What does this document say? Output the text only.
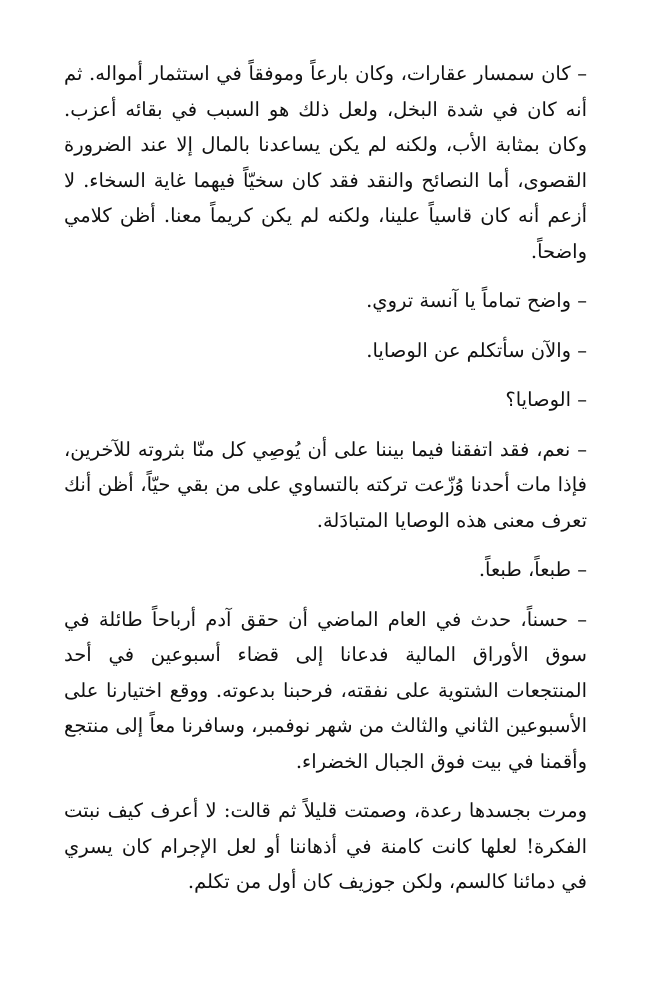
– كان سمسار عقارات، وكان بارعاً وموفقاً في استثمار أمواله. ثم أنه كان في شدة البخل، ولعل ذلك هو السبب في بقائه أعزب. وكان بمثابة الأب، ولكنه لم يكن يساعدنا بالمال إلا عند الضرورة القصوى، أما النصائح والنقد فقد كان سخيّاً فيهما غاية السخاء. لا أزعم أنه كان قاسياً علينا، ولكنه لم يكن كريماً معنا. أظن كلامي واضحاً.

– واضح تماماً يا آنسة تروي.

– والآن سأتكلم عن الوصايا.

– الوصايا؟

– نعم، فقد اتفقنا فيما بيننا على أن يُوصِي كل منّا بثروته للآخرين، فإذا مات أحدنا وُزّعت تركته بالتساوي على من بقي حيّاً، أظن أنك تعرف معنى هذه الوصايا المتبادَلة.

– طبعاً، طبعاً.

– حسناً، حدث في العام الماضي أن حقق آدم أرباحاً طائلة في سوق الأوراق المالية فدعانا إلى قضاء أسبوعين في أحد المنتجعات الشتوية على نفقته، فرحبنا بدعوته. ووقع اختيارنا على الأسبوعين الثاني والثالث من شهر نوفمبر، وسافرنا معاً إلى منتجع وأقمنا في بيت فوق الجبال الخضراء.

ومرت بجسدها رعدة، وصمتت قليلاً ثم قالت: لا أعرف كيف نبتت الفكرة! لعلها كانت كامنة في أذهاننا أو لعل الإجرام كان يسري في دمائنا كالسم، ولكن جوزيف كان أول من تكلم.
